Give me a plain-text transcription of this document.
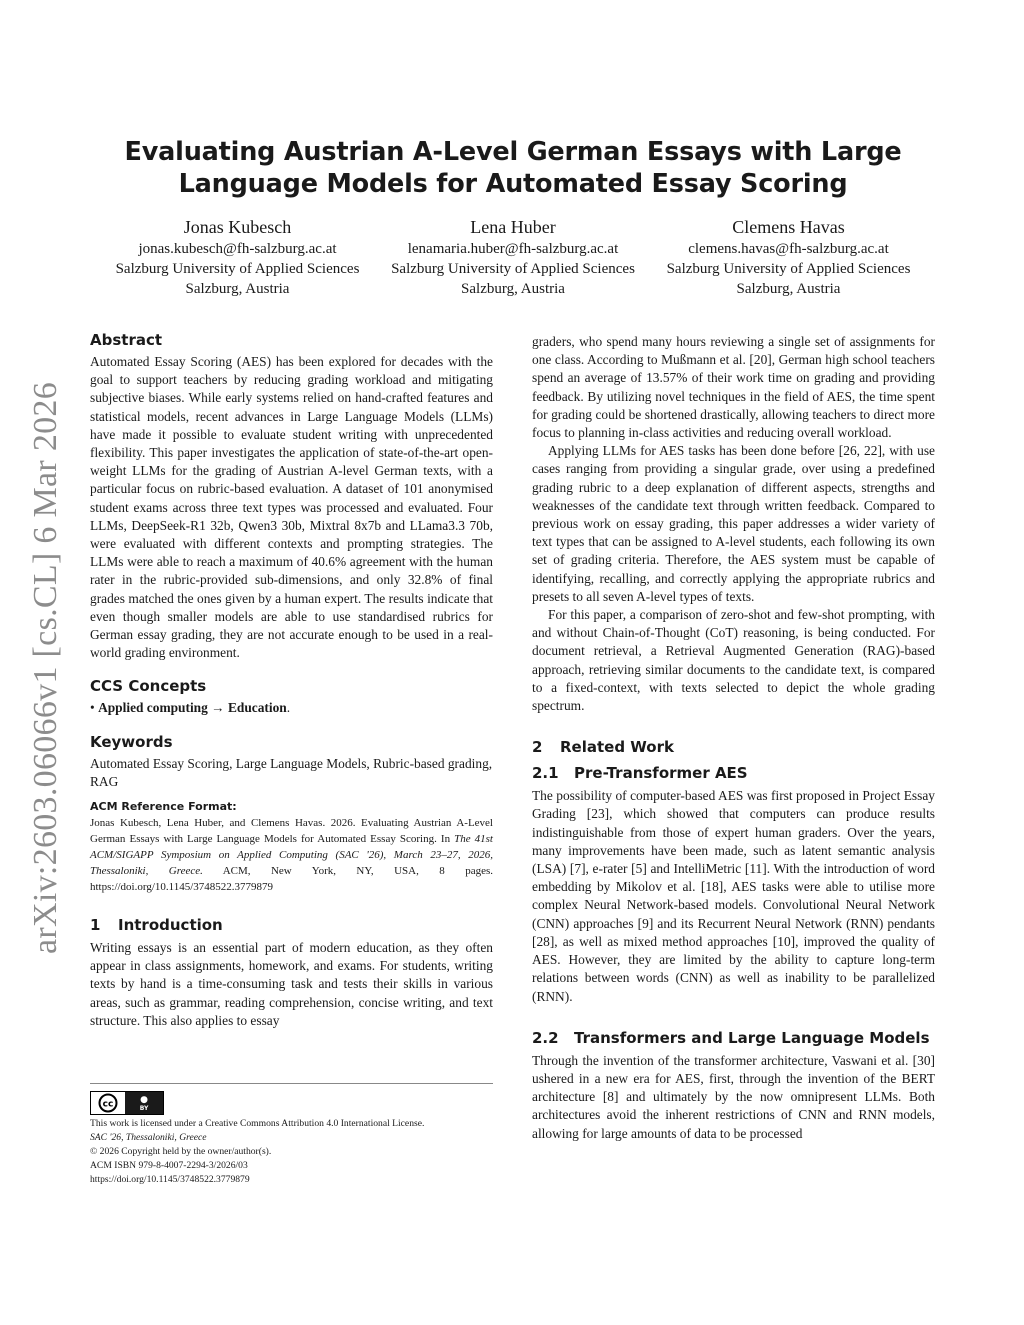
arXiv:2603.06066v1 [cs.CL] 6 Mar 2026
Evaluating Austrian A-Level German Essays with Large Language Models for Automated Essay Scoring
Jonas Kubesch
jonas.kubesch@fh-salzburg.ac.at
Salzburg University of Applied Sciences
Salzburg, Austria
Lena Huber
lenamaria.huber@fh-salzburg.ac.at
Salzburg University of Applied Sciences
Salzburg, Austria
Clemens Havas
clemens.havas@fh-salzburg.ac.at
Salzburg University of Applied Sciences
Salzburg, Austria
Abstract

Automated Essay Scoring (AES) has been explored for decades with the goal to support teachers by reducing grading workload and mitigating subjective biases. While early systems relied on hand-crafted features and statistical models, recent advances in Large Language Models (LLMs) have made it possible to evaluate student writing with unprecedented flexibility. This paper investigates the application of state-of-the-art open-weight LLMs for the grading of Austrian A-level German texts, with a particular focus on rubric-based evaluation. A dataset of 101 anonymised student exams across three text types was processed and evaluated. Four LLMs, DeepSeek-R1 32b, Qwen3 30b, Mixtral 8x7b and LLama3.3 70b, were evaluated with different contexts and prompting strategies. The LLMs were able to reach a maximum of 40.6% agreement with the human rater in the rubric-provided sub-dimensions, and only 32.8% of final grades matched the ones given by a human expert. The results indicate that even though smaller models are able to use standardised rubrics for German essay grading, they are not accurate enough to be used in a real-world grading environment.

CCS Concepts

• Applied computing → Education.

Keywords

Automated Essay Scoring, Large Language Models, Rubric-based grading, RAG

ACM Reference Format:
Jonas Kubesch, Lena Huber, and Clemens Havas. 2026. Evaluating Austrian A-Level German Essays with Large Language Models for Automated Essay Scoring. In The 41st ACM/SIGAPP Symposium on Applied Computing (SAC '26), March 23–27, 2026, Thessaloniki, Greece. ACM, New York, NY, USA, 8 pages. https://doi.org/10.1145/3748522.3779879
1 Introduction

Writing essays is an essential part of modern education, as they often appear in class assignments, homework, and exams. For students, writing texts by hand is a time-consuming task and tests their skills in various areas, such as grammar, reading comprehension, concise writing, and text structure. This also applies to essay

cc	●
BY
This work is licensed under a Creative Commons Attribution 4.0 International License.
SAC '26, Thessaloniki, Greece
© 2026 Copyright held by the owner/author(s).
ACM ISBN 979-8-4007-2294-3/2026/03
https://doi.org/10.1145/3748522.3779879

graders, who spend many hours reviewing a single set of assignments for one class. According to Mußmann et al. [20], German high school teachers spend an average of 13.57% of their work time on grading and providing feedback. By utilizing novel techniques in the field of AES, the time spent for grading could be shortened drastically, allowing teachers to direct more focus to planning in-class activities and reducing overall workload.

Applying LLMs for AES tasks has been done before [26, 22], with use cases ranging from providing a singular grade, over using a predefined grading rubric to a deep explanation of different aspects, strengths and weaknesses of the candidate text through written feedback. Compared to previous work on essay grading, this paper addresses a wider variety of text types that can be assigned to A-level students, each following its own set of grading criteria. Therefore, the AES system must be capable of identifying, recalling, and correctly applying the appropriate rubrics and presets to all seven A-level types of texts.

For this paper, a comparison of zero-shot and few-shot prompting, with and without Chain-of-Thought (CoT) reasoning, is being conducted. For document retrieval, a Retrieval Augmented Generation (RAG)-based approach, retrieving similar documents to the candidate text, is compared to a fixed-context, with texts selected to depict the whole grading spectrum.

2 Related Work
2.1 Pre-Transformer AES

The possibility of computer-based AES was first proposed in Project Essay Grading [23], which showed that computers can produce results indistinguishable from those of expert human graders. Over the years, many improvements have been made, such as latent semantic analysis (LSA) [7], e-rater [5] and IntelliMetric [11]. With the introduction of word embedding by Mikolov et al. [18], AES tasks were able to utilise more complex Neural Network-based models. Convolutional Neural Network (CNN) approaches [9] and its Recurrent Neural Network (RNN) pendants [28], as well as mixed method approaches [10], improved the quality of AES. However, they are limited by the ability to capture long-term relations between words (CNN) as well as inability to be parallelized (RNN).

2.2 Transformers and Large Language Models

Through the invention of the transformer architecture, Vaswani et al. [30] ushered in a new era for AES, first, through the invention of the BERT architecture [8] and ultimately by the now omnipresent LLMs. Both architectures avoid the inherent restrictions of CNN and RNN models, allowing for large amounts of data to be processed
